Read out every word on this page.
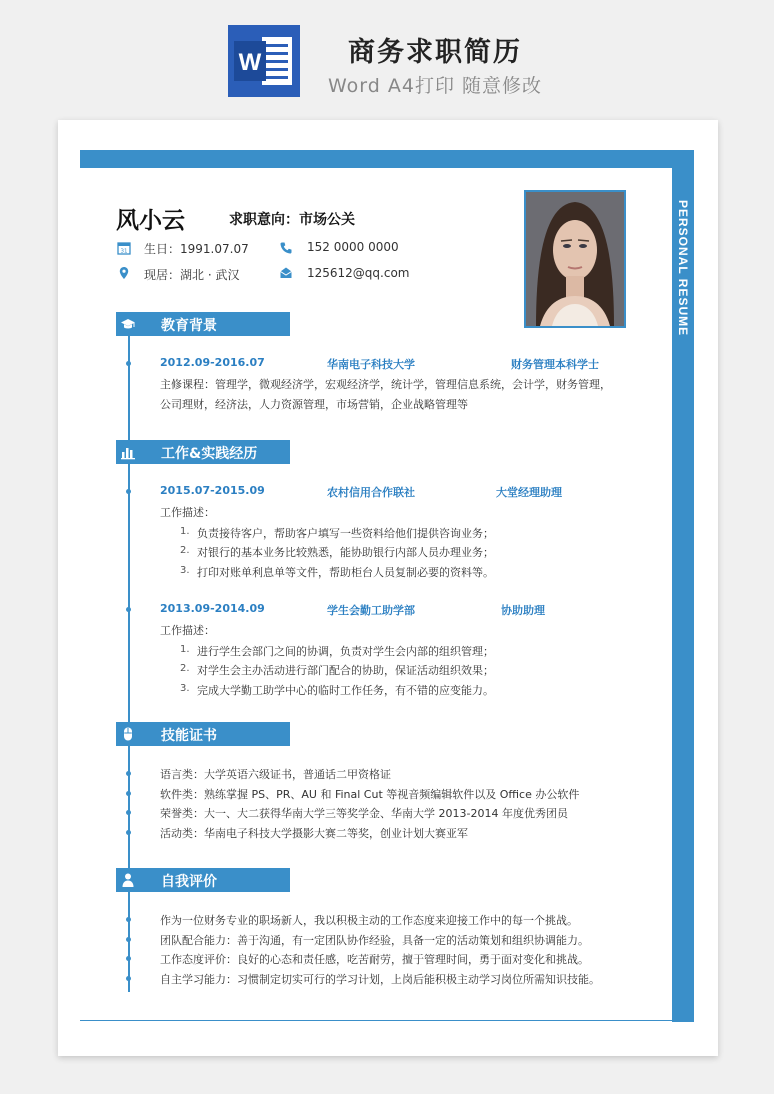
W	商务求职简历
Word A4打印 随意修改
PERSONAL RESUME
风小云	求职意向：市场公关
31 生日：1991.07.07	152 0000 0000
现居：湖北 · 武汉	125612@qq.com
教育背景
2012.09-2016.07	华南电子科技大学	财务管理本科学士
主修课程：管理学，微观经济学，宏观经济学，统计学，管理信息系统，会计学，财务管理，
公司理财，经济法，人力资源管理，市场营销，企业战略管理等
工作&实践经历
2015.07-2015.09	农村信用合作联社	大堂经理助理
工作描述：
1. 负责接待客户，帮助客户填写一些资料给他们提供咨询业务；
2. 对银行的基本业务比较熟悉，能协助银行内部人员办理业务；
3. 打印对账单利息单等文件，帮助柜台人员复制必要的资料等。
2013.09-2014.09	学生会勤工助学部	协助助理
工作描述：
1. 进行学生会部门之间的协调，负责对学生会内部的组织管理；
2. 对学生会主办活动进行部门配合的协助，保证活动组织效果；
3. 完成大学勤工助学中心的临时工作任务，有不错的应变能力。
技能证书
语言类：大学英语六级证书，普通话二甲资格证
软件类：熟练掌握 PS、PR、AU 和 Final Cut 等视音频编辑软件以及 Office 办公软件
荣誉类：大一、大二获得华南大学三等奖学金、华南大学 2013-2014 年度优秀团员
活动类：华南电子科技大学摄影大赛二等奖，创业计划大赛亚军
自我评价
作为一位财务专业的职场新人，我以积极主动的工作态度来迎接工作中的每一个挑战。
团队配合能力：善于沟通，有一定团队协作经验，具备一定的活动策划和组织协调能力。
工作态度评价：良好的心态和责任感，吃苦耐劳，擅于管理时间，勇于面对变化和挑战。
自主学习能力：习惯制定切实可行的学习计划，上岗后能积极主动学习岗位所需知识技能。
